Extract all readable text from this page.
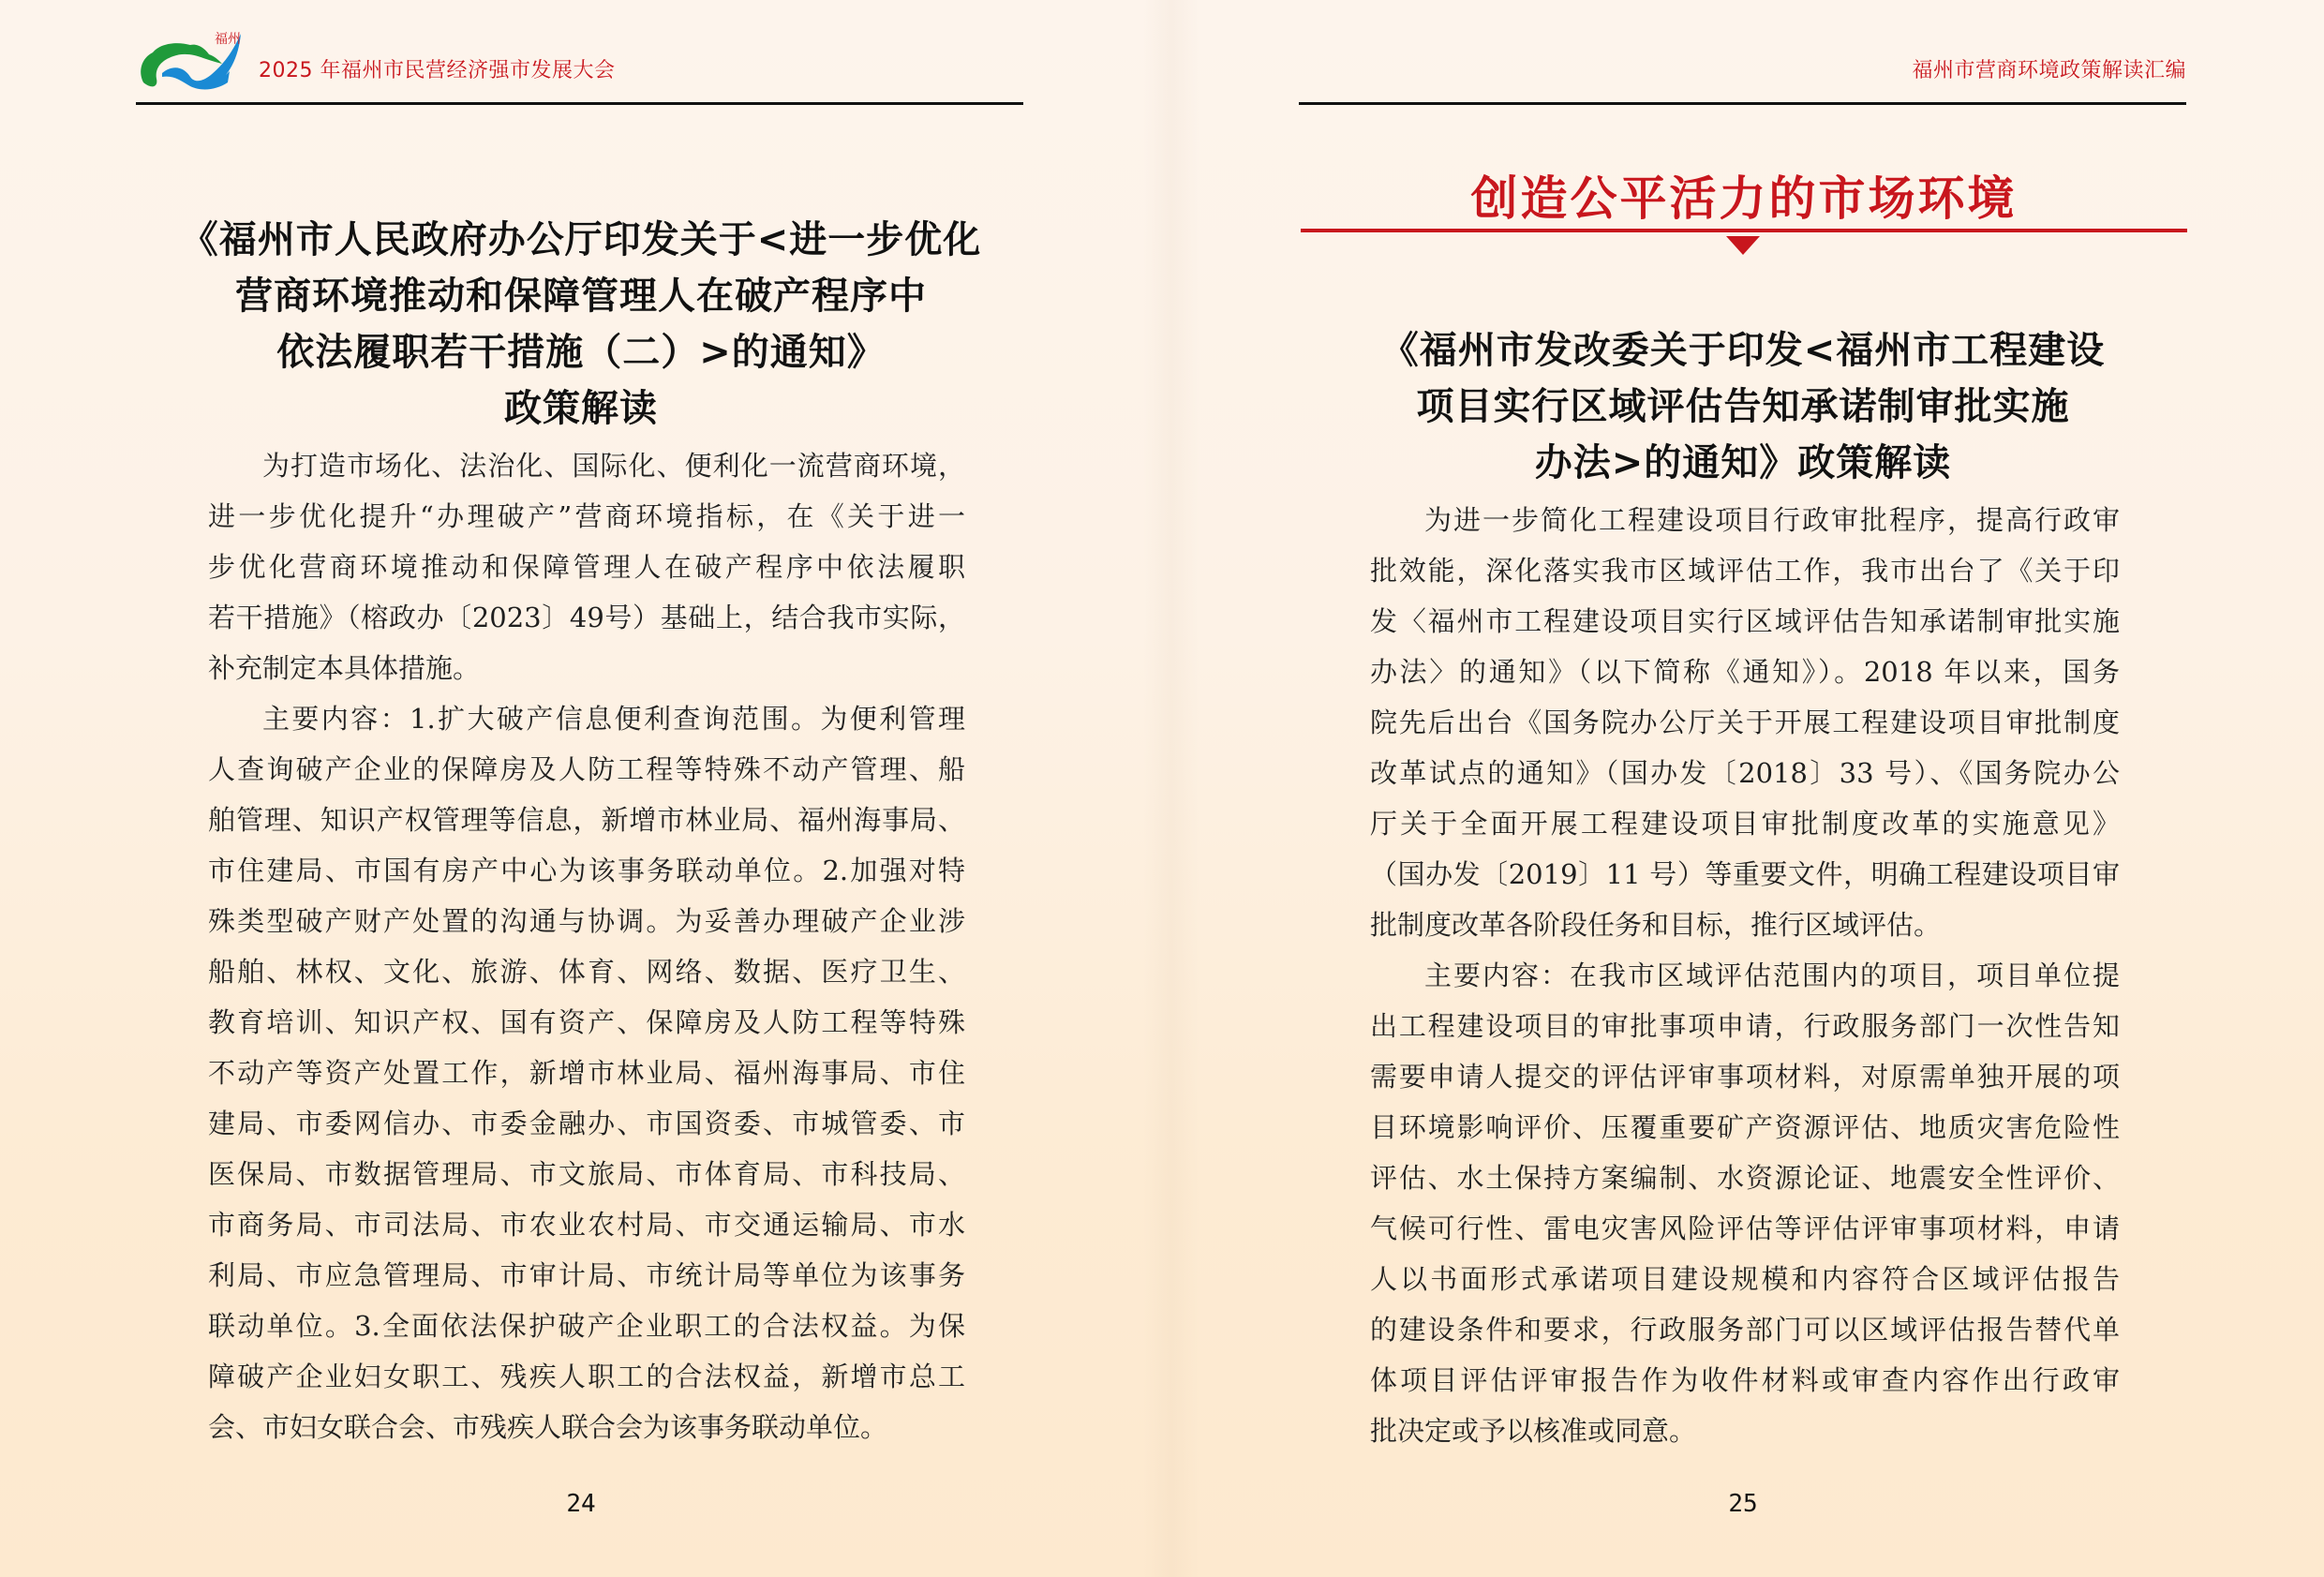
福州
2025 年福州市民营经济强市发展大会
《福州市人民政府办公厅印发关于<进一步优化
营商环境推动和保障管理人在破产程序中
依法履职若干措施（二）>的通知》
政策解读
为打造市场化、法治化、国际化、便利化一流营商环境，
进一步优化提升“办理破产”营商环境指标，在《关于进一
步优化营商环境推动和保障管理人在破产程序中依法履职
若干措施》（榕政办〔2023〕49号）基础上，结合我市实际，
补充制定本具体措施。
主要内容：1.扩大破产信息便利查询范围。为便利管理
人查询破产企业的保障房及人防工程等特殊不动产管理、船
舶管理、知识产权管理等信息，新增市林业局、福州海事局、
市住建局、市国有房产中心为该事务联动单位。2.加强对特
殊类型破产财产处置的沟通与协调。为妥善办理破产企业涉
船舶、林权、文化、旅游、体育、网络、数据、医疗卫生、
教育培训、知识产权、国有资产、保障房及人防工程等特殊
不动产等资产处置工作，新增市林业局、福州海事局、市住
建局、市委网信办、市委金融办、市国资委、市城管委、市
医保局、市数据管理局、市文旅局、市体育局、市科技局、
市商务局、市司法局、市农业农村局、市交通运输局、市水
利局、市应急管理局、市审计局、市统计局等单位为该事务
联动单位。3.全面依法保护破产企业职工的合法权益。为保
障破产企业妇女职工、残疾人职工的合法权益，新增市总工
会、市妇女联合会、市残疾人联合会为该事务联动单位。
24
福州市营商环境政策解读汇编
创造公平活力的市场环境
《福州市发改委关于印发<福州市工程建设
项目实行区域评估告知承诺制审批实施
办法>的通知》政策解读
为进一步简化工程建设项目行政审批程序，提高行政审
批效能，深化落实我市区域评估工作，我市出台了《关于印
发〈福州市工程建设项目实行区域评估告知承诺制审批实施
办法〉的通知》（以下简称《通知》）。2018 年以来，国务
院先后出台《国务院办公厅关于开展工程建设项目审批制度
改革试点的通知》（国办发〔2018〕33 号）、《国务院办公
厅关于全面开展工程建设项目审批制度改革的实施意见》
（国办发〔2019〕11 号）等重要文件，明确工程建设项目审
批制度改革各阶段任务和目标，推行区域评估。
主要内容：在我市区域评估范围内的项目，项目单位提
出工程建设项目的审批事项申请，行政服务部门一次性告知
需要申请人提交的评估评审事项材料，对原需单独开展的项
目环境影响评价、压覆重要矿产资源评估、地质灾害危险性
评估、水土保持方案编制、水资源论证、地震安全性评价、
气候可行性、雷电灾害风险评估等评估评审事项材料，申请
人以书面形式承诺项目建设规模和内容符合区域评估报告
的建设条件和要求，行政服务部门可以区域评估报告替代单
体项目评估评审报告作为收件材料或审查内容作出行政审
批决定或予以核准或同意。
25
